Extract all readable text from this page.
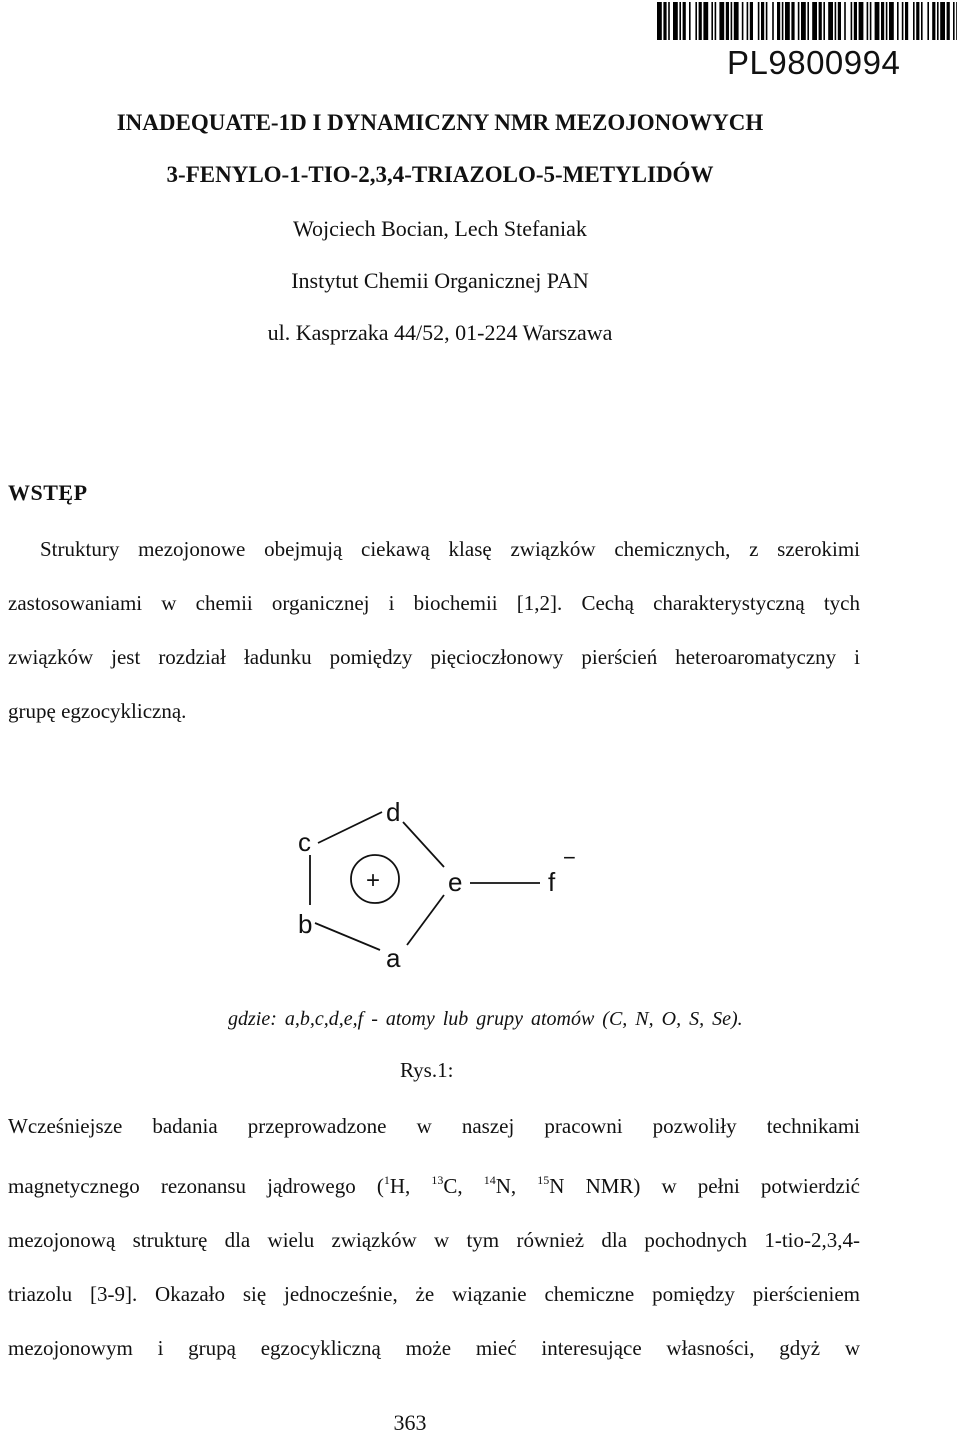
PL9800994
INADEQUATE-1D I DYNAMICZNY NMR MEZOJONOWYCH
3-FENYLO-1-TIO-2,3,4-TRIAZOLO-5-METYLIDÓW
Wojciech Bocian, Lech Stefaniak
Instytut Chemii Organicznej PAN
ul. Kasprzaka 44/52, 01-224 Warszawa
WSTĘP
Struktury mezojonowe obejmują ciekawą klasę związków chemicznych, z szerokimi
zastosowaniami w chemii organicznej i biochemii [1,2]. Cechą charakterystyczną tych
związków jest rozdział ładunku pomiędzy pięcioczłonowy pierścień heteroaromatyczny i
grupę egzocykliczną.
c
d
e	f
b
a
+
−
gdzie: a,b,c,d,e,f - atomy lub grupy atomów (C, N, O, S, Se).
Rys.1:
Wcześniejsze badania przeprowadzone w naszej pracowni pozwoliły technikami
magnetycznego rezonansu jądrowego ($^1$H, $^{13}$C, $^{14}$N, $^{15}$N NMR) w pełni potwierdzić
mezojonową strukturę dla wielu związków w tym również dla pochodnych 1-tio-2,3,4-
triazolu [3-9]. Okazało się jednocześnie, że wiązanie chemiczne pomiędzy pierścieniem
mezojonowym i grupą egzocykliczną może mieć interesujące własności, gdyż w
363
